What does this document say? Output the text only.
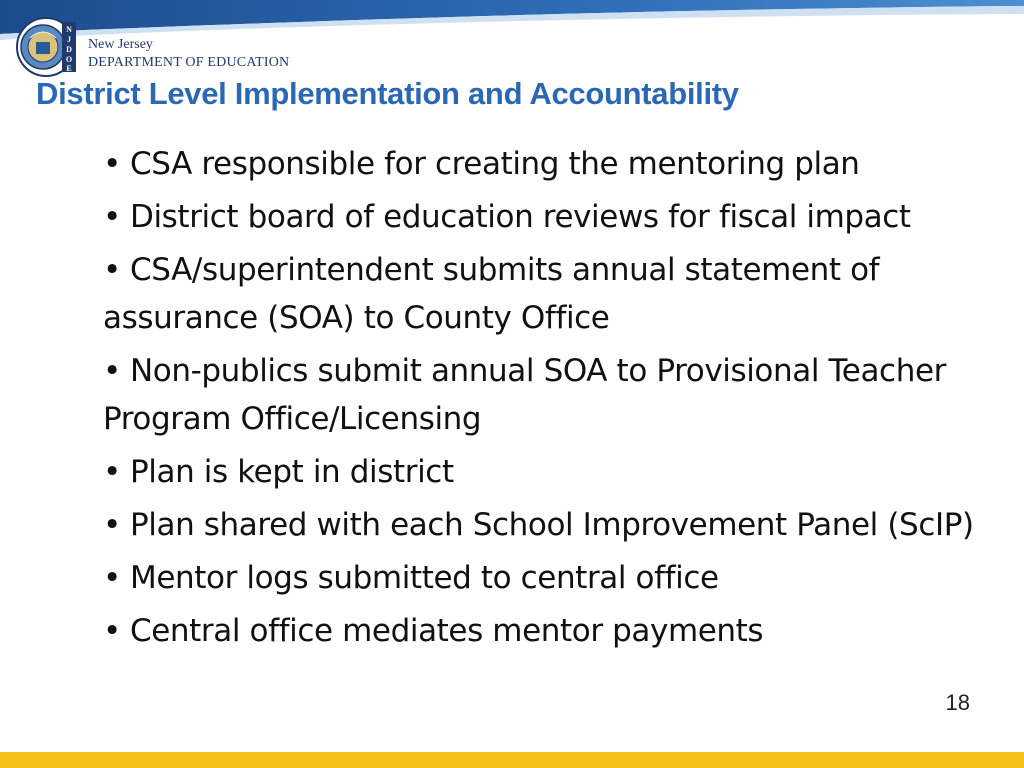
N
J
D
O
E
New Jersey
DEPARTMENT OF EDUCATION
District Level Implementation and Accountability
• CSA responsible for creating the mentoring plan
• District board of education reviews for fiscal impact
• CSA/superintendent submits annual statement of assurance (SOA) to County Office
• Non-publics submit annual SOA to Provisional Teacher Program Office/Licensing
• Plan is kept in district
• Plan shared with each School Improvement Panel (ScIP)
• Mentor logs submitted to central office
• Central office mediates mentor payments
18
